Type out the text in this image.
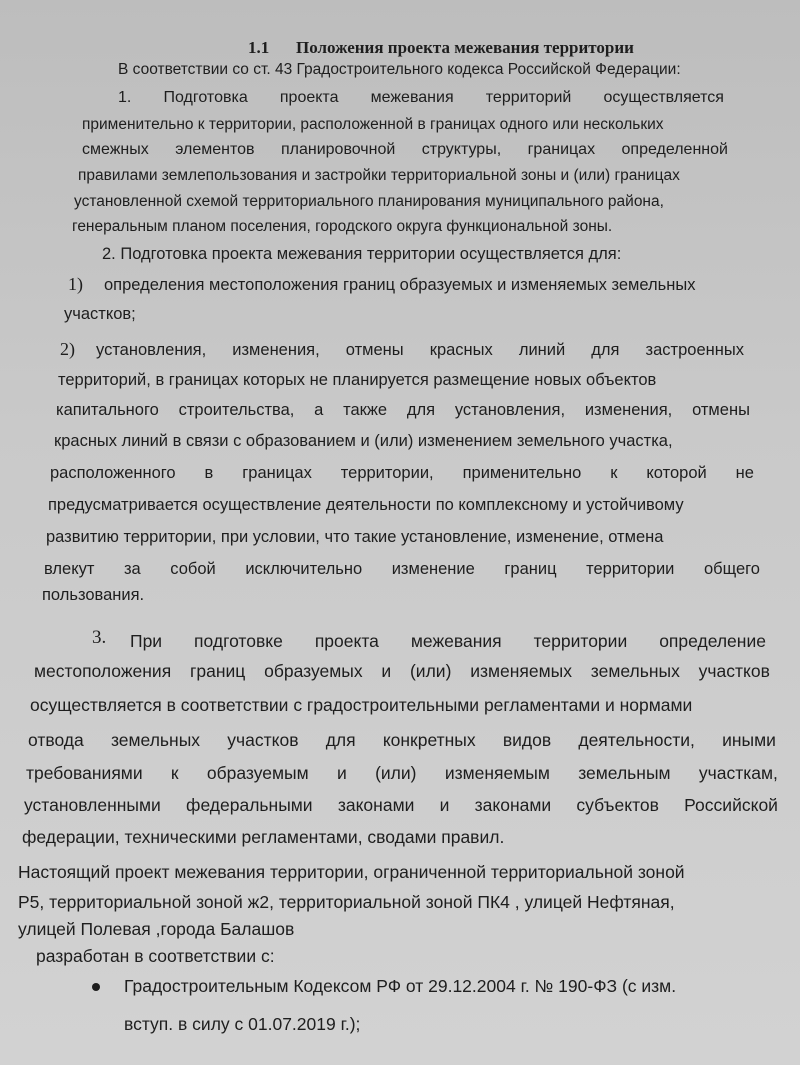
1.1 Положения проекта межевания территории
В соответствии со ст. 43 Градостроительного кодекса Российской Федерации:
1. Подготовка проекта межевания территорий осуществляется
применительно к территории, расположенной в границах одного или нескольких
смежных элементов планировочной структуры, границах определенной
правилами землепользования и застройки территориальной зоны и (или) границах
установленной схемой территориального планирования муниципального района,
генеральным планом поселения, городского округа функциональной зоны.
2. Подготовка проекта межевания территории осуществляется для:
1) определения местоположения границ образуемых и изменяемых земельных
участков;
2) установления, изменения, отмены красных линий для застроенных
территорий, в границах которых не планируется размещение новых объектов
капитального строительства, а также для установления, изменения, отмены
красных линий в связи с образованием и (или) изменением земельного участка,
расположенного в границах территории, применительно к которой не
предусматривается осуществление деятельности по комплексному и устойчивому
развитию территории, при условии, что такие установление, изменение, отмена
влекут за собой исключительно изменение границ территории общего
пользования.
3. При подготовке проекта межевания территории определение
местоположения границ образуемых и (или) изменяемых земельных участков
осуществляется в соответствии с градостроительными регламентами и нормами
отвода земельных участков для конкретных видов деятельности, иными
требованиями к образуемым и (или) изменяемым земельным участкам,
установленными федеральными законами и законами субъектов Российской
федерации, техническими регламентами, сводами правил.
Настоящий проект межевания территории, ограниченной территориальной зоной
Р5, территориальной зоной ж2, территориальной зоной ПК4 , улицей Нефтяная,
улицей Полевая ,города Балашов
разработан в соответствии с:
Градостроительным Кодексом РФ от 29.12.2004 г. № 190-ФЗ (с изм.
вступ. в силу с 01.07.2019 г.);
